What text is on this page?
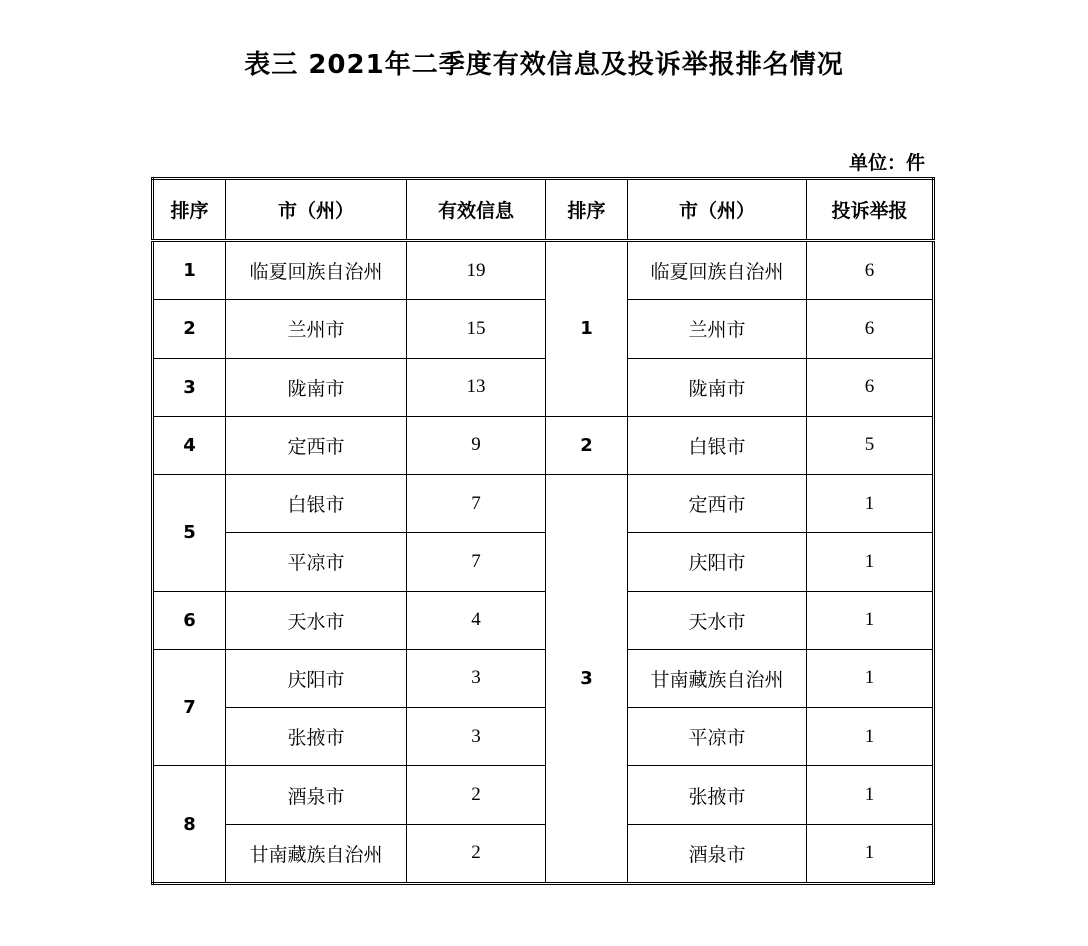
表三 2021年二季度有效信息及投诉举报排名情况
单位：件
排序	市（州）	有效信息	排序	市（州）	投诉举报
1	临夏回族自治州	19	1	临夏回族自治州	6
2	兰州市	15		兰州市	6
3	陇南市	13		陇南市	6
4	定西市	9	2	白银市	5
5	白银市	7	3	定西市	1
	平凉市	7		庆阳市	1
6	天水市	4		天水市	1
7	庆阳市	3		甘南藏族自治州	1
	张掖市	3		平凉市	1
8	酒泉市	2		张掖市	1
	甘南藏族自治州	2		酒泉市	1
